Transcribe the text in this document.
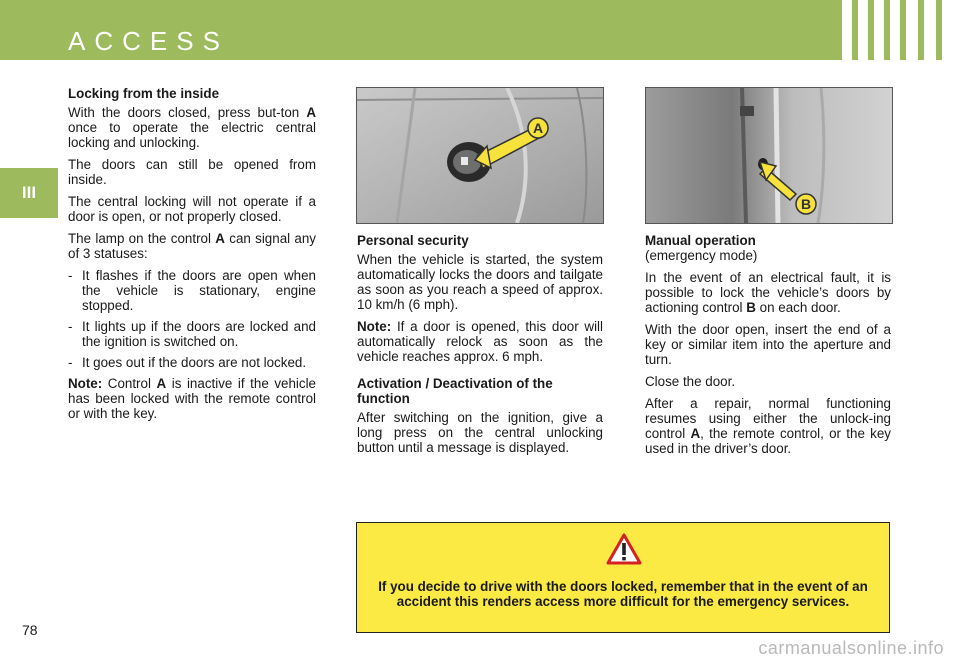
ACCESS
III
Locking from the inside

With the doors closed, press but-ton A once to operate the electric central locking and unlocking.

The doors can still be opened from inside.

The central locking will not operate if a door is open, or not properly closed.

The lamp on the control A can signal any of 3 statuses:

- It flashes if the doors are open when the vehicle is stationary, engine stopped.
- It lights up if the doors are locked and the ignition is switched on.
- It goes out if the doors are not locked.

Note: Control A is inactive if the vehicle has been locked with the remote control or with the key.

A
B
Personal security

When the vehicle is started, the system automatically locks the doors and tailgate as soon as you reach a speed of approx. 10 km/h (6 mph).

Note: If a door is opened, this door will automatically relock as soon as the vehicle reaches approx. 6 mph.

Activation / Deactivation of the function

After switching on the ignition, give a long press on the central unlocking button until a message is displayed.

Manual operation

(emergency mode)

In the event of an electrical fault, it is possible to lock the vehicle’s doors by actioning control B on each door.

With the door open, insert the end of a key or similar item into the aperture and turn.

Close the door.

After a repair, normal functioning resumes using either the unlock-ing control A, the remote control, or the key used in the driver’s door.

If you decide to drive with the doors locked, remember that in the event of an accident this renders access more difficult for the emergency services.
78
carmanualsonline.info
